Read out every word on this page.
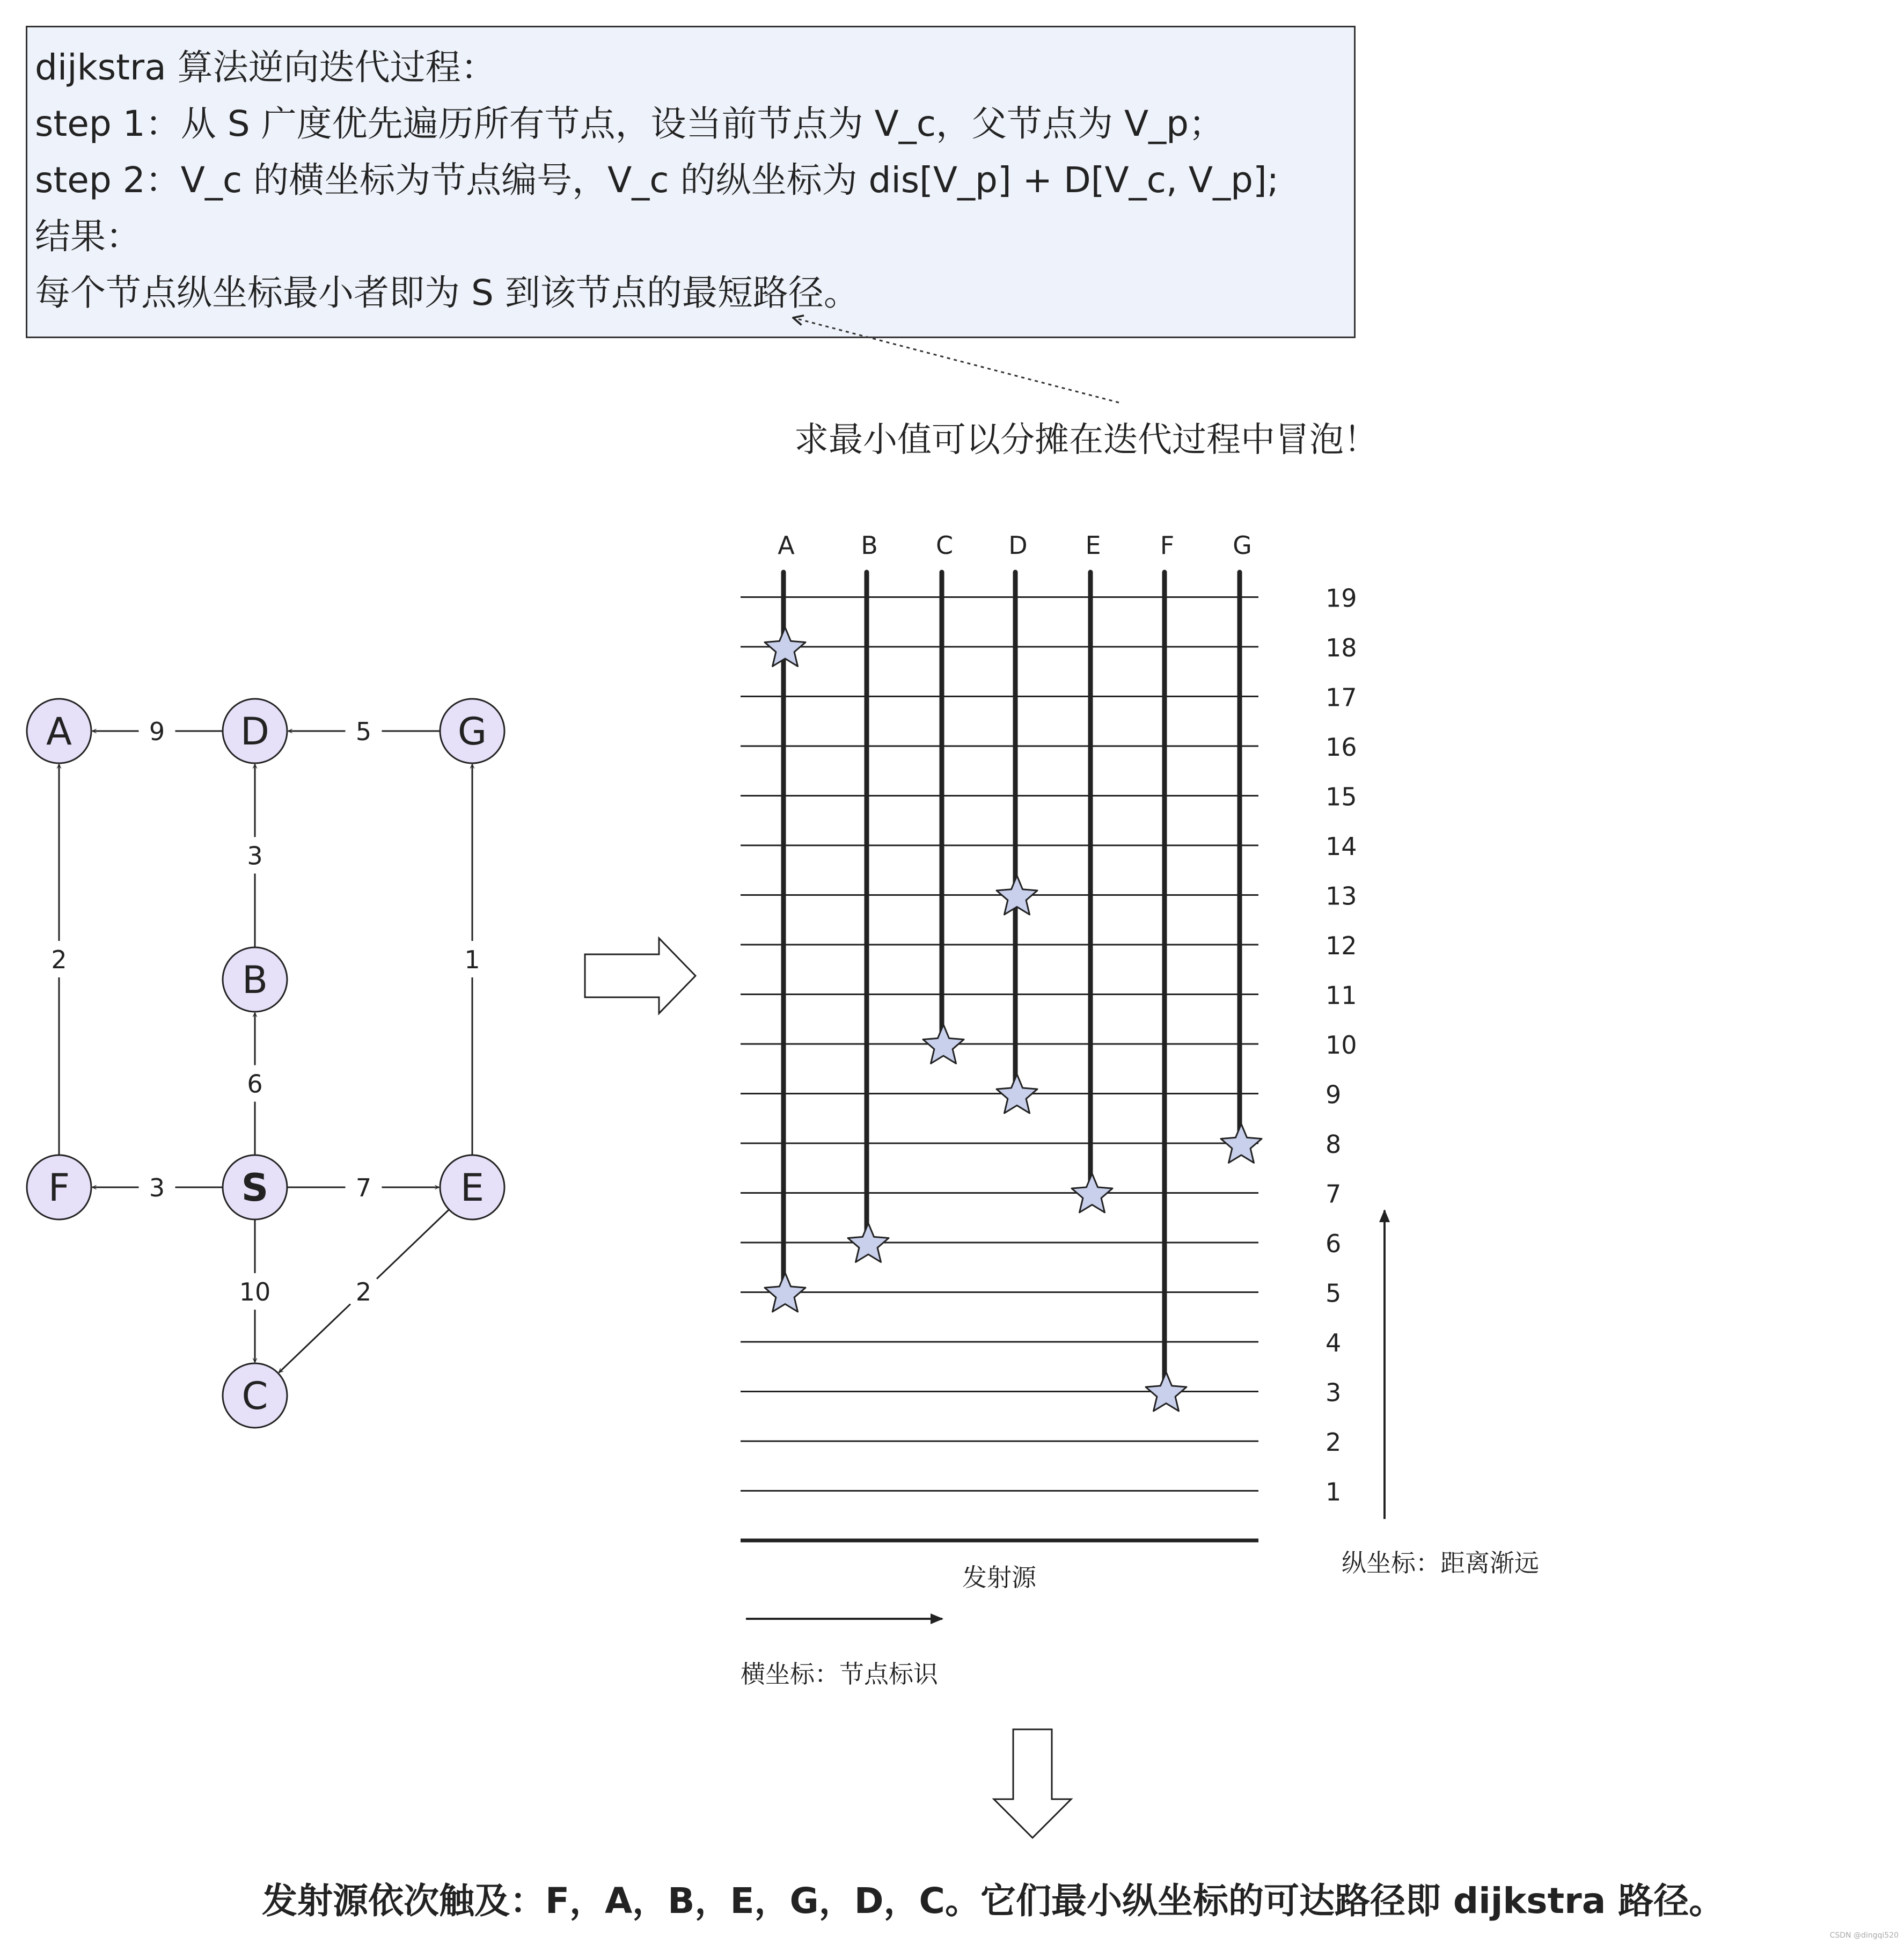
dijkstra 算法逆向迭代过程：
step 1：从 S 广度优先遍历所有节点，设当前节点为 V_c，父节点为 V_p；
step 2：V_c 的横坐标为节点编号，V_c 的纵坐标为 dis[V_p] + D[V_c, V_p];
结果：
每个节点纵坐标最小者即为 S 到该节点的最短路径。
求最小值可以分摊在迭代过程中冒泡！
9	5
3
2	1
6
3	7
10	2
A	D	G
B
F	S	E
C
发射源
1
2
3
4
5
6
7
8
9
10
11
12
13
14
15
16
17
18
19
A	B C D E F G
纵坐标：距离渐远
横坐标：节点标识
发射源依次触及：F，A，B，E，G，D，C。它们最小纵坐标的可达路径即 dijkstra 路径。
CSDN @dingqi520
